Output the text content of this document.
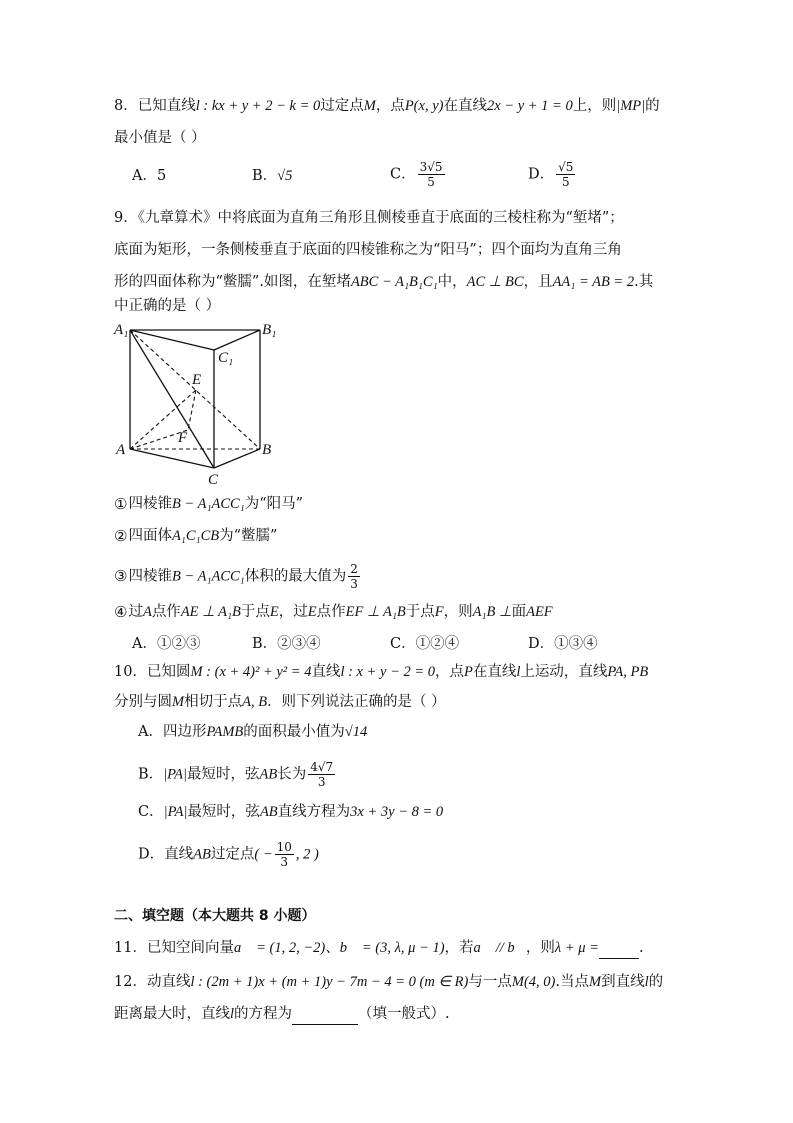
8．已知直线l : kx + y + 2 − k = 0过定点M，点P(x, y)在直线2x − y + 1 = 0上，则|MP|的
最小值是（ ）
A．5	B．√5	C． $\frac{3√5}{5}$	D． $\frac{√5}{5}$
9．《九章算术》中将底面为直角三角形且侧棱垂直于底面的三棱柱称为“堑堵”；
底面为矩形，一条侧棱垂直于底面的四棱锥称之为“阳马”；四个面均为直角三角
形的四面体称为“鳖臑”.如图，在堑堵ABC − A₁B₁C₁中，AC ⊥ BC，且AA₁ = AB = 2.其
中正确的是（ ）
A₁	B₁
C₁
E
F
A	B
C
①四棱锥B − A₁ACC₁为“阳马”
②四面体A₁C₁CB为“鳖臑”
③四棱锥B − A₁ACC₁体积的最大值为 $\frac{2}{3}$
④过A点作AE ⊥ A₁B于点E，过E点作EF ⊥ A₁B于点F，则A₁B ⊥面AEF
A．①②③	B．②③④	C．①②④	D．①③④
10．已知圆M : (x + 4)² + y² = 4直线l : x + y − 2 = 0，点P在直线l上运动，直线PA, PB
分别与圆M相切于点A, B．则下列说法正确的是（ ）
A．四边形PAMB的面积最小值为√14
B．|PA|最短时，弦AB长为 $\frac{4√7}{3}$
C．|PA|最短时，弦AB直线方程为3x + 3y − 8 = 0
D．直线AB过定点( − $\frac{10}{3}$ , 2 )
二、填空题（本大题共 8 小题）
11．已知空间向量a⃗ = (1, 2, −2)、b⃗ = (3, λ, μ − 1)，若a⃗ // b⃗，则λ + μ =	.
12．动直线l : (2m + 1)x + (m + 1)y − 7m − 4 = 0 (m ∈ R)与一点M(4, 0).当点M到直线l的
距离最大时，直线l的方程为	（填一般式）.
